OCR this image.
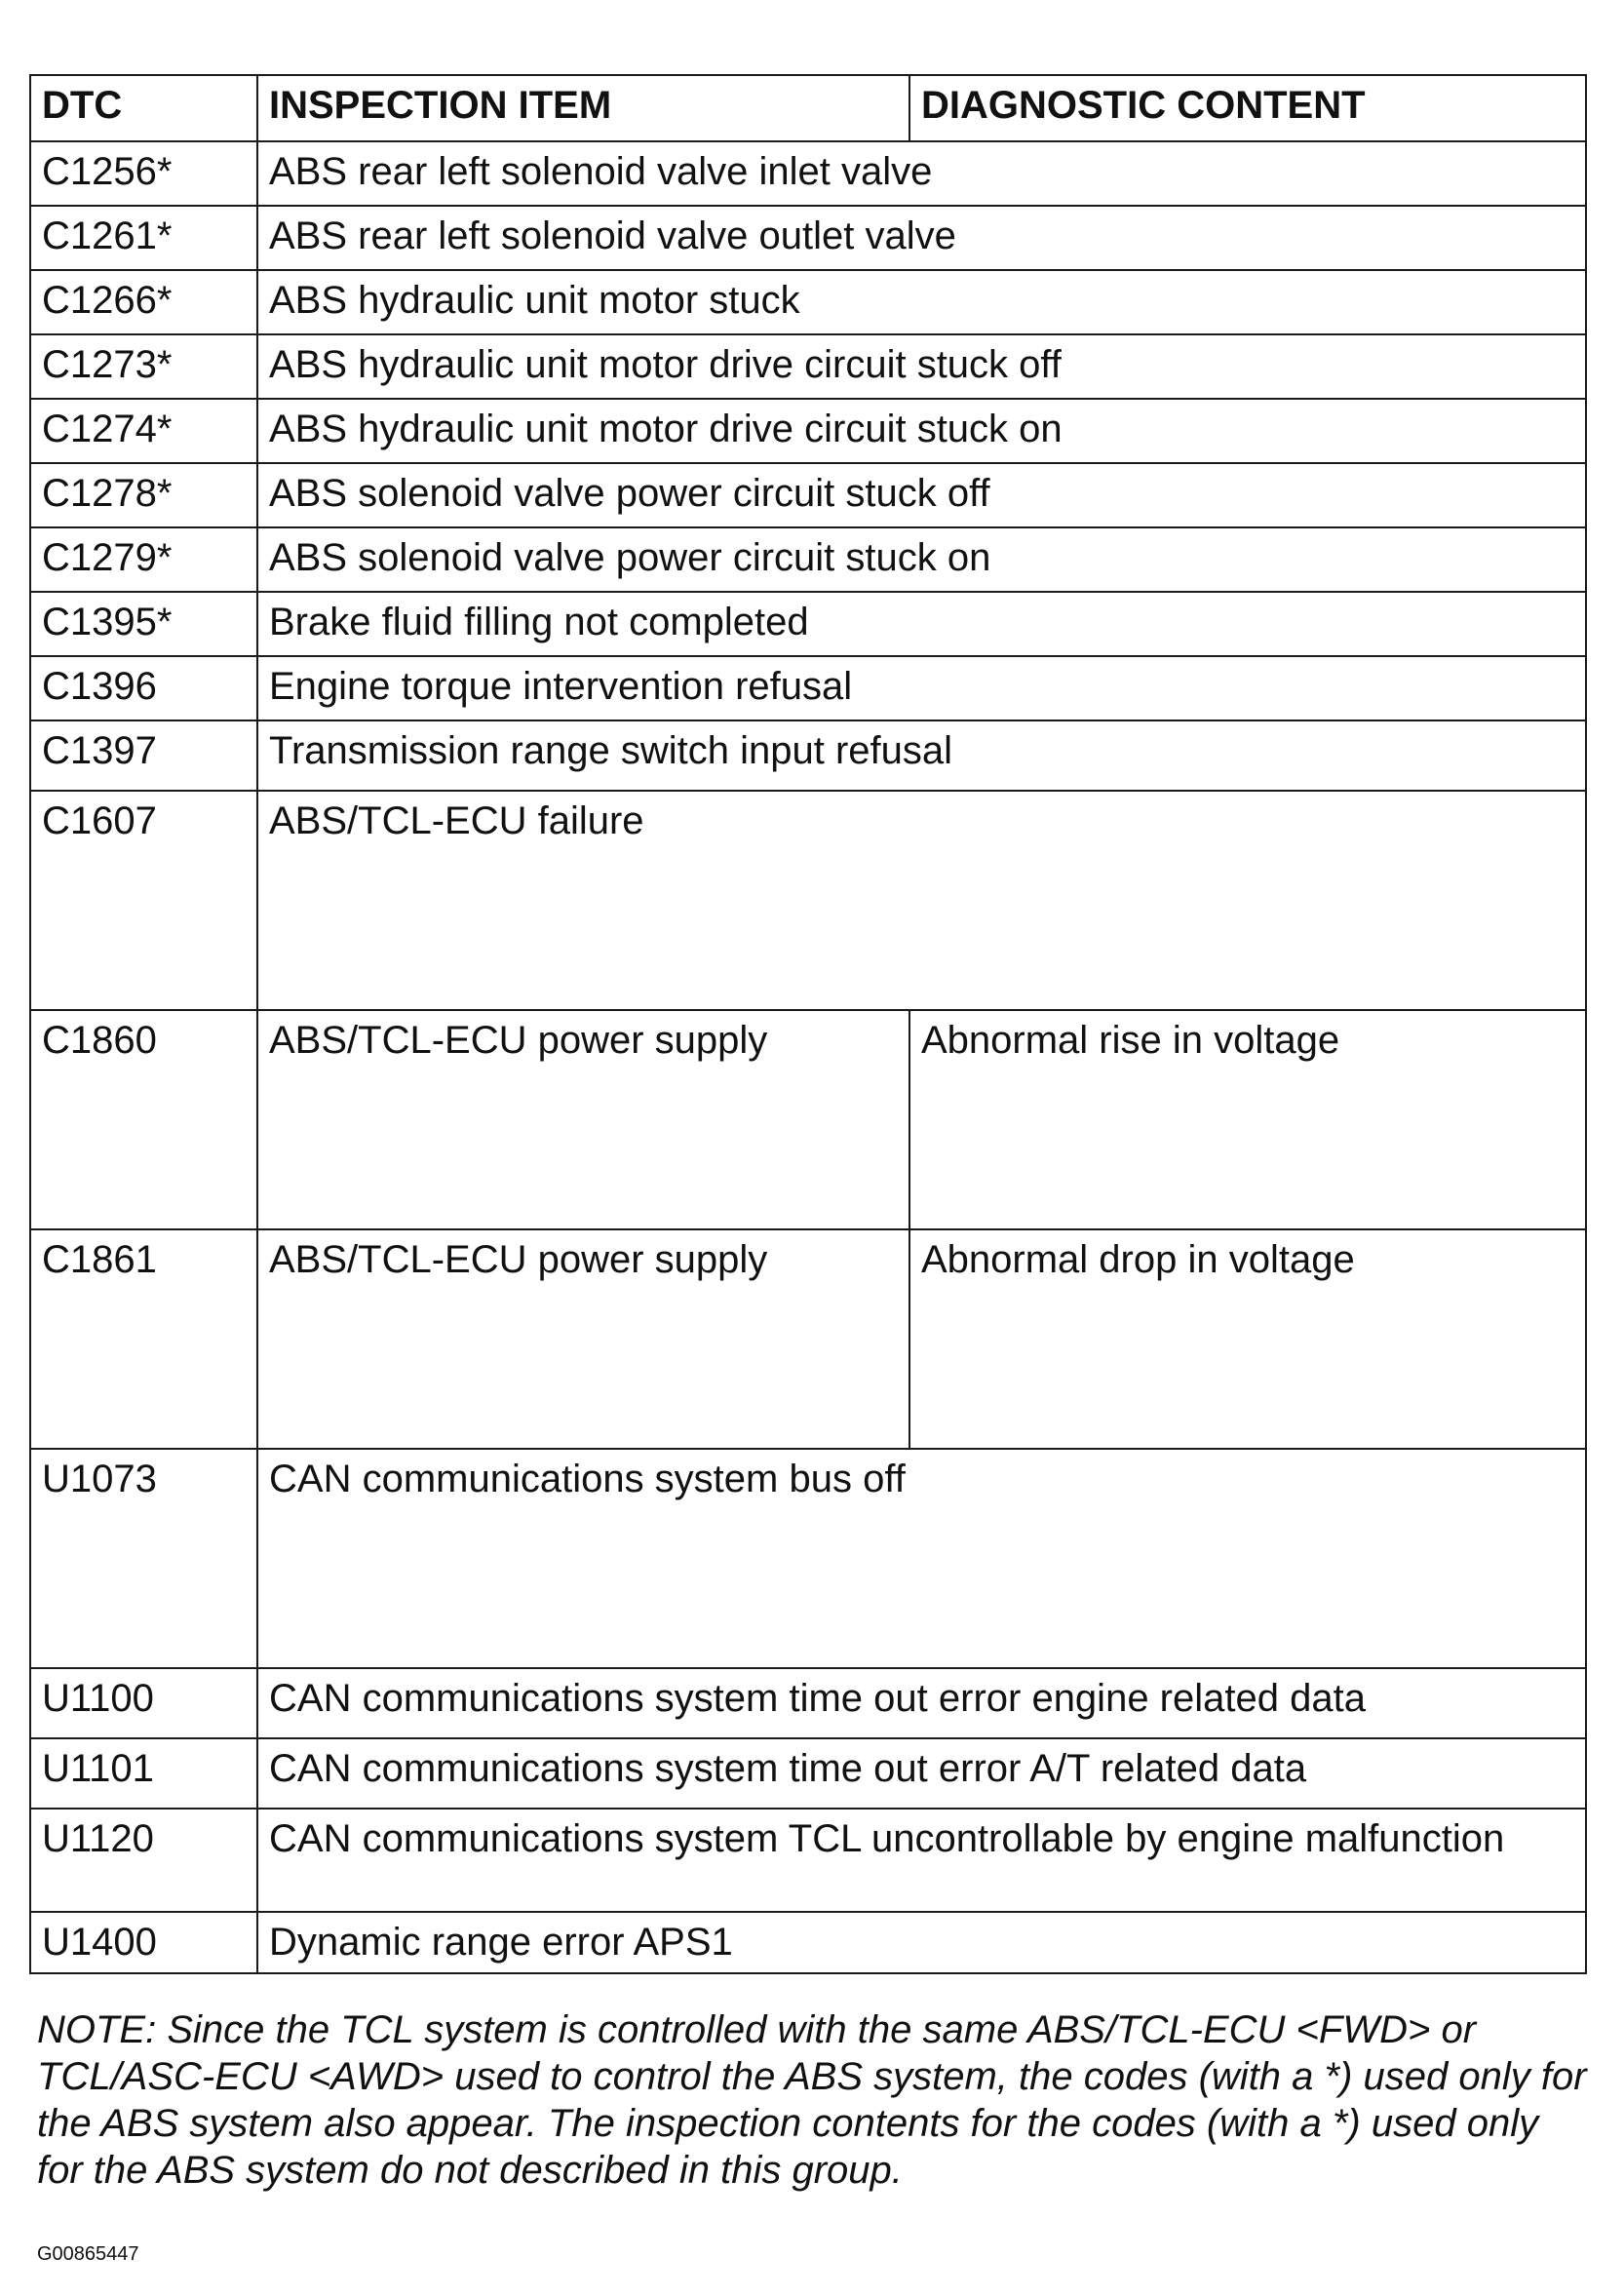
DTC	INSPECTION ITEM	DIAGNOSTIC CONTENT
C1256*	ABS rear left solenoid valve inlet valve	
C1261*	ABS rear left solenoid valve outlet valve	
C1266*	ABS hydraulic unit motor stuck	
C1273*	ABS hydraulic unit motor drive circuit stuck off	
C1274*	ABS hydraulic unit motor drive circuit stuck on	
C1278*	ABS solenoid valve power circuit stuck off	
C1279*	ABS solenoid valve power circuit stuck on	
C1395*	Brake fluid filling not completed	
C1396	Engine torque intervention refusal	
C1397	Transmission range switch input refusal	
C1607	ABS/TCL-ECU failure	
C1860	ABS/TCL-ECU power supply	Abnormal rise in voltage
C1861	ABS/TCL-ECU power supply	Abnormal drop in voltage
U1073	CAN communications system bus off	
U1100	CAN communications system time out error engine related data	
U1101	CAN communications system time out error A/T related data	
U1120	CAN communications system TCL uncontrollable by engine malfunction	
U1400	Dynamic range error APS1	

NOTE: Since the TCL system is controlled with the same ABS/TCL-ECU <FWD> or TCL/ASC-ECU <AWD> used to control the ABS system, the codes (with a *) used only for the ABS system also appear. The inspection contents for the codes (with a *) used only for the ABS system do not described in this group.

G00865447
